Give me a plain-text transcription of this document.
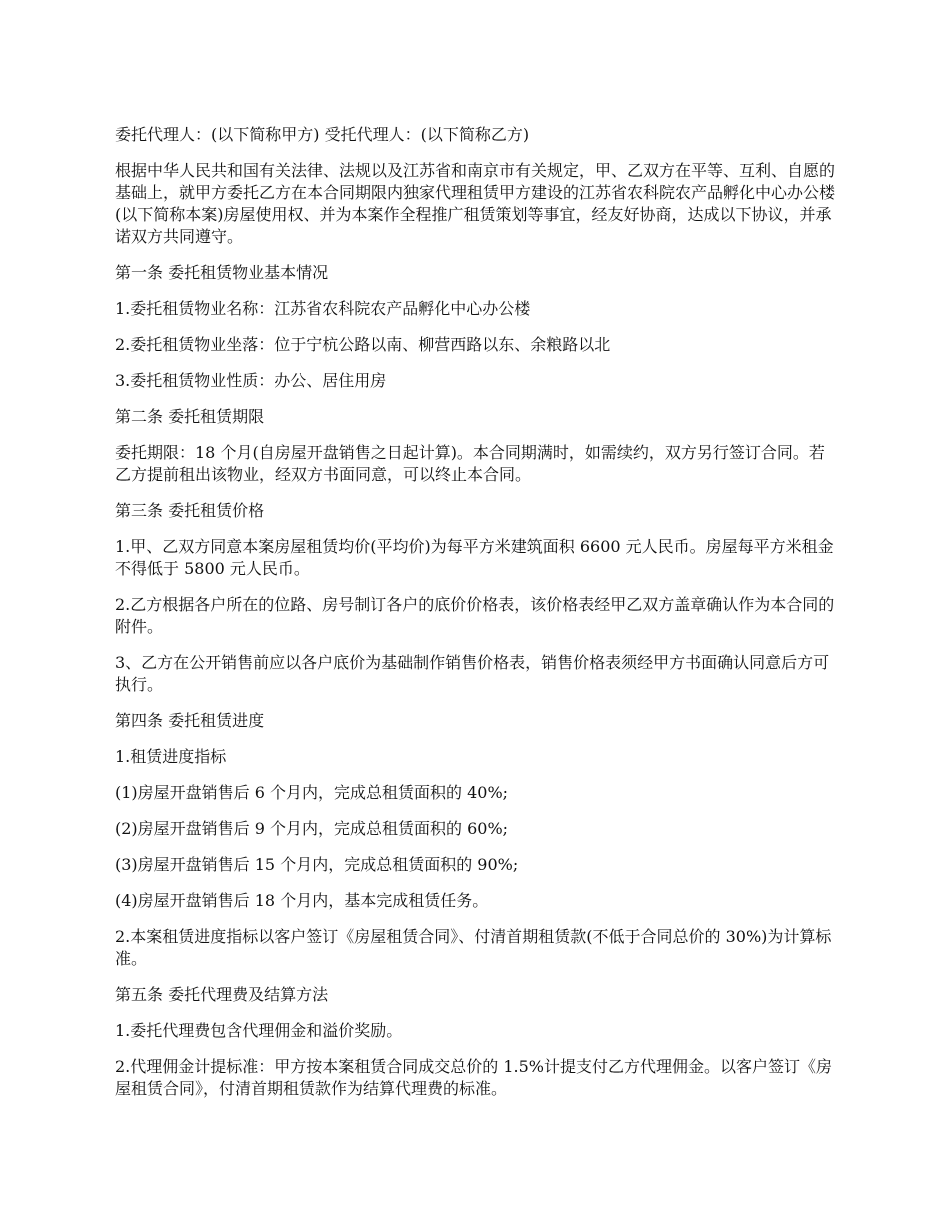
委托代理人：(以下简称甲方) 受托代理人：(以下简称乙方)

根据中华人民共和国有关法律、法规以及江苏省和南京市有关规定，甲、乙双方在平等、互利、自愿的基础上，就甲方委托乙方在本合同期限内独家代理租赁甲方建设的江苏省农科院农产品孵化中心办公楼(以下简称本案)房屋使用权、并为本案作全程推广租赁策划等事宜，经友好协商，达成以下协议，并承诺双方共同遵守。

第一条 委托租赁物业基本情况

1.委托租赁物业名称：江苏省农科院农产品孵化中心办公楼

2.委托租赁物业坐落：位于宁杭公路以南、柳营西路以东、余粮路以北

3.委托租赁物业性质：办公、居住用房

第二条 委托租赁期限

委托期限：18 个月(自房屋开盘销售之日起计算)。本合同期满时，如需续约，双方另行签订合同。若乙方提前租出该物业，经双方书面同意，可以终止本合同。

第三条 委托租赁价格

1.甲、乙双方同意本案房屋租赁均价(平均价)为每平方米建筑面积 6600 元人民币。房屋每平方米租金不得低于 5800 元人民币。

2.乙方根据各户所在的位路、房号制订各户的底价价格表，该价格表经甲乙双方盖章确认作为本合同的附件。

3、乙方在公开销售前应以各户底价为基础制作销售价格表，销售价格表须经甲方书面确认同意后方可执行。

第四条 委托租赁进度

1.租赁进度指标

(1)房屋开盘销售后 6 个月内，完成总租赁面积的 40%;

(2)房屋开盘销售后 9 个月内，完成总租赁面积的 60%;

(3)房屋开盘销售后 15 个月内，完成总租赁面积的 90%;

(4)房屋开盘销售后 18 个月内，基本完成租赁任务。

2.本案租赁进度指标以客户签订《房屋租赁合同》、付清首期租赁款(不低于合同总价的 30%)为计算标准。

第五条 委托代理费及结算方法

1.委托代理费包含代理佣金和溢价奖励。

2.代理佣金计提标准：甲方按本案租赁合同成交总价的 1.5%计提支付乙方代理佣金。以客户签订《房屋租赁合同》，付清首期租赁款作为结算代理费的标准。
